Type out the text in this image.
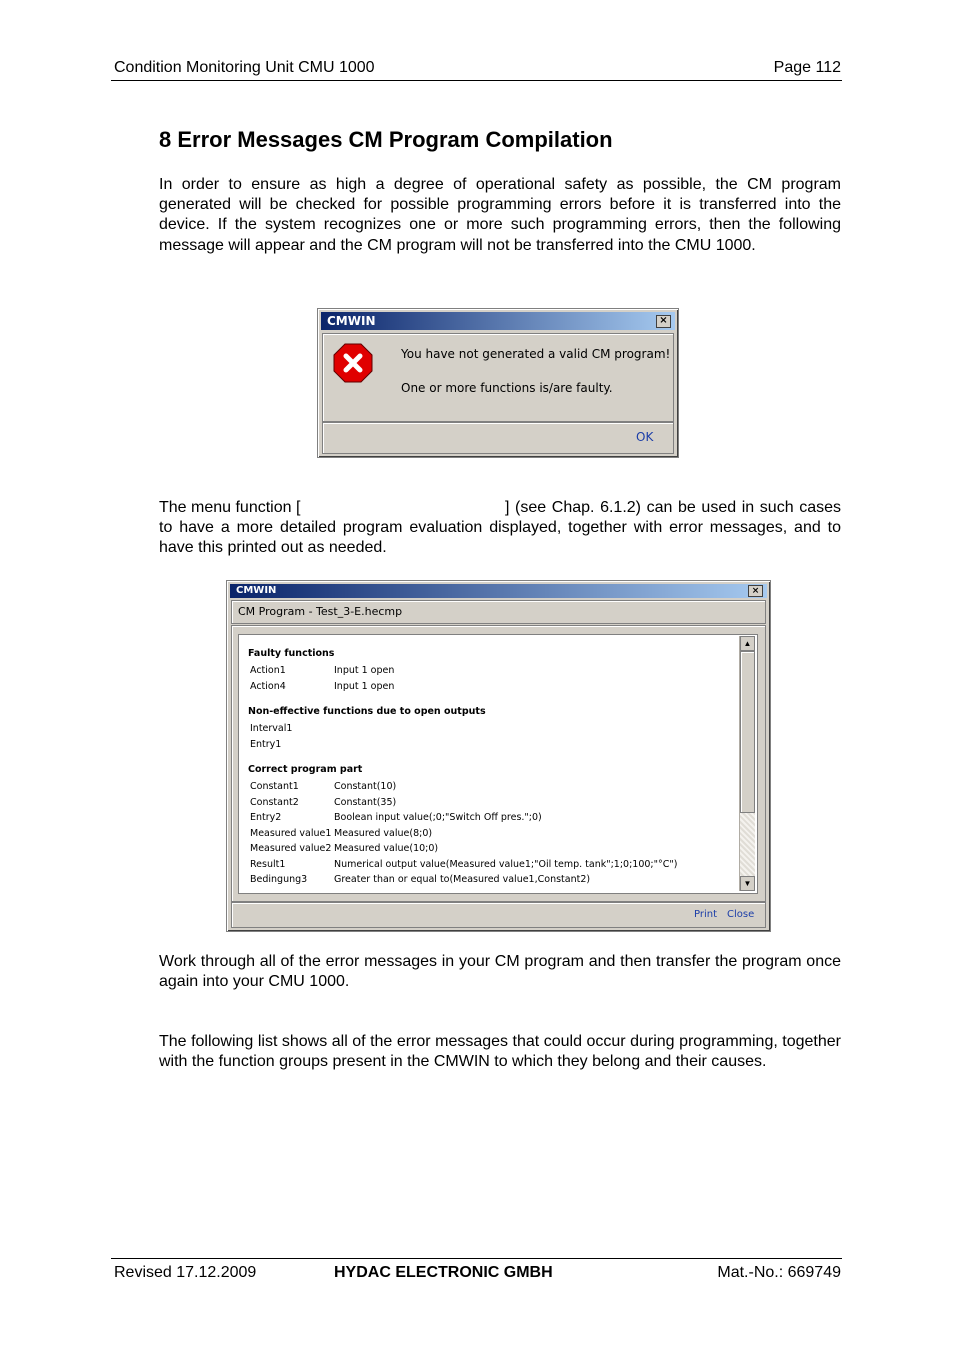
Condition Monitoring Unit CMU 1000	Page 112
8 Error Messages CM Program Compilation

In order to ensure as high a degree of operational safety as possible, the CM program generated will be checked for possible programming errors before it is transferred into the device. If the system recognizes one or more such programming errors, then the following message will appear and the CM program will not be transferred into the CMU 1000.

CMWIN	×
You have not generated a valid CM program!
One or more functions is/are faulty.
OK
The menu function [	] (see Chap. 6.1.2) can be used in such cases to have a more detailed program evaluation displayed, together with error messages, and to have this printed out as needed.

CMWIN	×
CM Program - Test_3-E.hecmp
Faulty functions
Action1	Input 1 open
Action4	Input 1 open
Non-effective functions due to open outputs
Interval1
Entry1
Correct program part
Constant1	Constant(10)
Constant2	Constant(35)
Entry2	Boolean input value(;0;"Switch Off pres.";0)
Measured value1	Measured value(8;0)
Measured value2	Measured value(10;0)
Result1	Numerical output value(Measured value1;"Oil temp. tank";1;0;100;"°C")
Bedingung3	Greater than or equal to(Measured value1,Constant2)
▲
▼
Print Close

Work through all of the error messages in your CM program and then transfer the program once again into your CMU 1000.

The following list shows all of the error messages that could occur during programming, together with the function groups present in the CMWIN to which they belong and their causes.

Revised 17.12.2009	HYDAC ELECTRONIC GMBH	Mat.-No.: 669749
